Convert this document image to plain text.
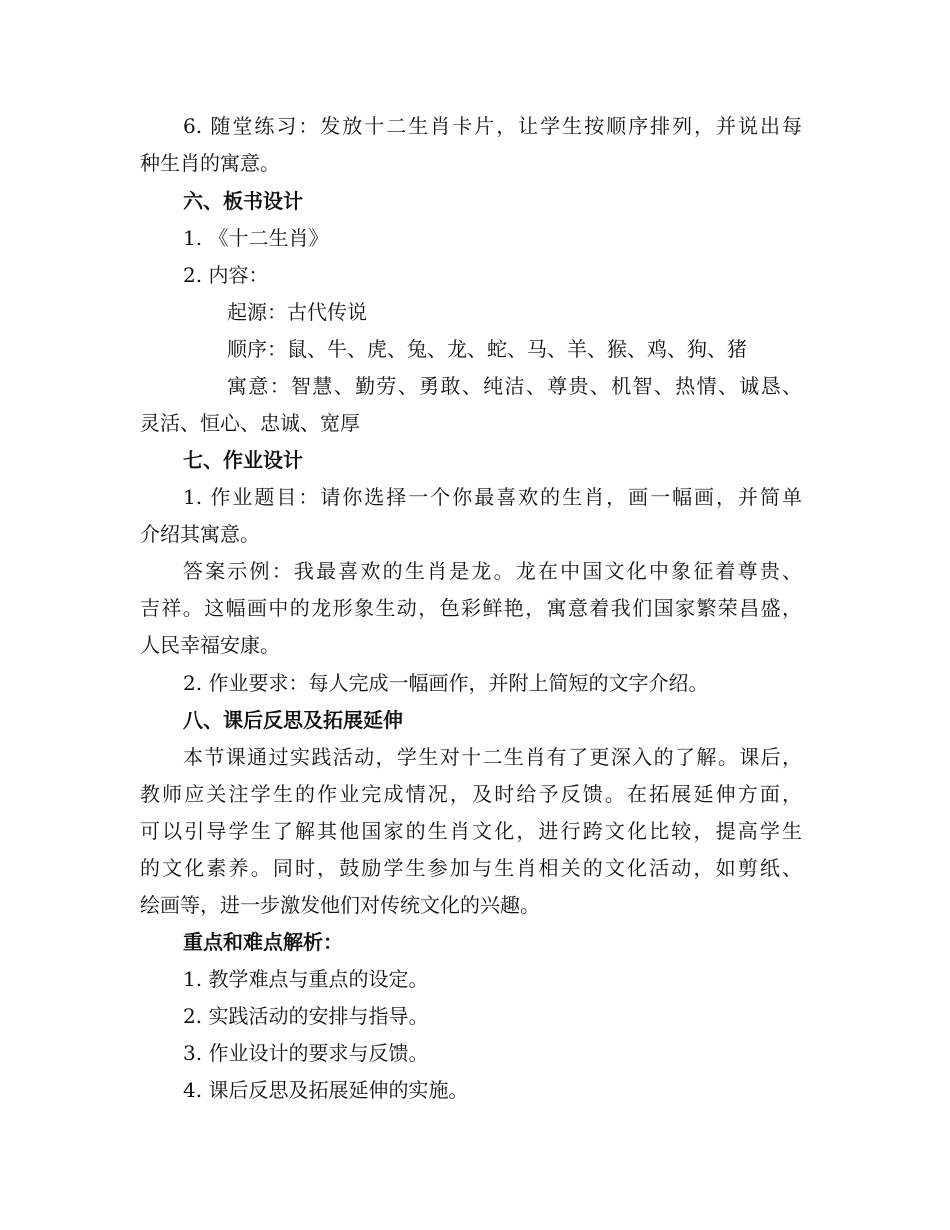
6. 随堂练习：发放十二生肖卡片，让学生按顺序排列，并说出每
种生肖的寓意。
六、板书设计
1. 《十二生肖》
2. 内容：
起源：古代传说
顺序：鼠、牛、虎、兔、龙、蛇、马、羊、猴、鸡、狗、猪
寓意：智慧、勤劳、勇敢、纯洁、尊贵、机智、热情、诚恳、
灵活、恒心、忠诚、宽厚
七、作业设计
1. 作业题目：请你选择一个你最喜欢的生肖，画一幅画，并简单
介绍其寓意。
答案示例：我最喜欢的生肖是龙。龙在中国文化中象征着尊贵、
吉祥。这幅画中的龙形象生动，色彩鲜艳，寓意着我们国家繁荣昌盛，
人民幸福安康。
2. 作业要求：每人完成一幅画作，并附上简短的文字介绍。
八、课后反思及拓展延伸
本节课通过实践活动，学生对十二生肖有了更深入的了解。课后，
教师应关注学生的作业完成情况，及时给予反馈。在拓展延伸方面，
可以引导学生了解其他国家的生肖文化，进行跨文化比较，提高学生
的文化素养。同时，鼓励学生参加与生肖相关的文化活动，如剪纸、
绘画等，进一步激发他们对传统文化的兴趣。
重点和难点解析：
1. 教学难点与重点的设定。
2. 实践活动的安排与指导。
3. 作业设计的要求与反馈。
4. 课后反思及拓展延伸的实施。
